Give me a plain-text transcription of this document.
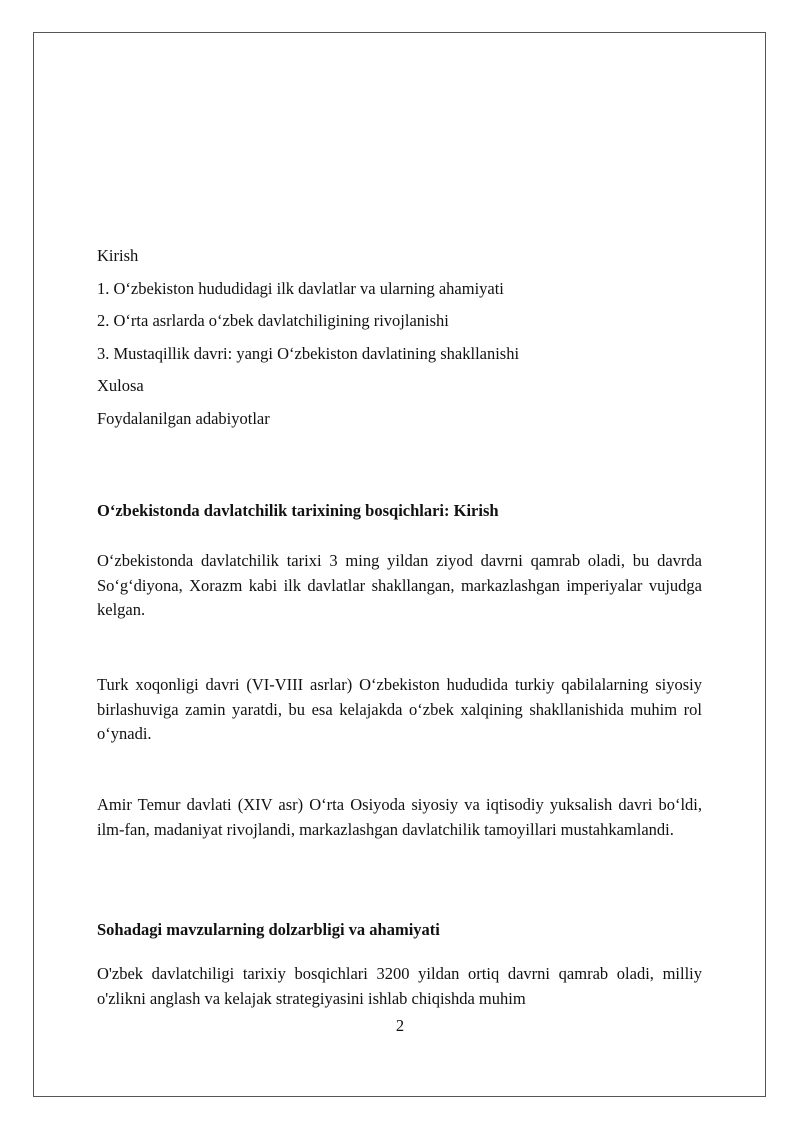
Kirish

1. O‘zbekiston hududidagi ilk davlatlar va ularning ahamiyati

2. O‘rta asrlarda o‘zbek davlatchiligining rivojlanishi

3. Mustaqillik davri: yangi O‘zbekiston davlatining shakllanishi

Xulosa

Foydalanilgan adabiyotlar

O‘zbekistonda davlatchilik tarixining bosqichlari: Kirish

O‘zbekistonda davlatchilik tarixi 3 ming yildan ziyod davrni qamrab oladi, bu davrda So‘g‘diyona, Xorazm kabi ilk davlatlar shakllangan, markazlashgan imperiyalar vujudga kelgan.

Turk xoqonligi davri (VI-VIII asrlar) O‘zbekiston hududida turkiy qabilalarning siyosiy birlashuviga zamin yaratdi, bu esa kelajakda o‘zbek xalqining shakllanishida muhim rol o‘ynadi.

Amir Temur davlati (XIV asr) O‘rta Osiyoda siyosiy va iqtisodiy yuksalish davri bo‘ldi, ilm-fan, madaniyat rivojlandi, markazlashgan davlatchilik tamoyillari mustahkamlandi.

Sohadagi mavzularning dolzarbligi va ahamiyati

O'zbek davlatchiligi tarixiy bosqichlari 3200 yildan ortiq davrni qamrab oladi, milliy o'zlikni anglash va kelajak strategiyasini ishlab chiqishda muhim

2
